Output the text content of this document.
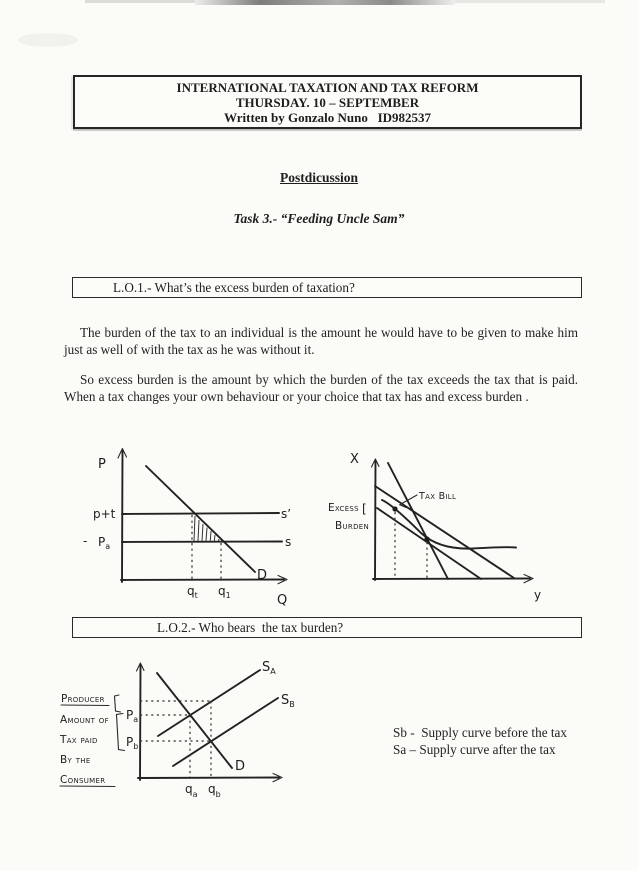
INTERNATIONAL TAXATION AND TAX REFORM
THURSDAY. 10 – SEPTEMBER
Written by Gonzalo Nuno   ID982537
Postdicussion
Task 3.- “Feeding Uncle Sam”
L.O.1.- What’s the excess burden of taxation?
The burden of the tax to an individual is the amount he would have to be given to make him just as well of with the tax as he was without it.
So excess burden is the amount by which the burden of the tax exceeds the tax that is paid. When a tax changes your own behaviour or your choice that tax has and excess burden .
P
Q
p+t
$P_a$
-
s’
s
D
$q_t$ $q_1$
Tax Bill
X
y
Excess [
Burden
L.O.2.- Who bears  the tax burden?
Producer
Amount of
Tax paid
By the
Consumer
$P_a$
$P_b$
$S_A$
$S_B$
D
$q_a$ $q_b$
Sb -  Supply curve before the tax
Sa – Supply curve after the tax
